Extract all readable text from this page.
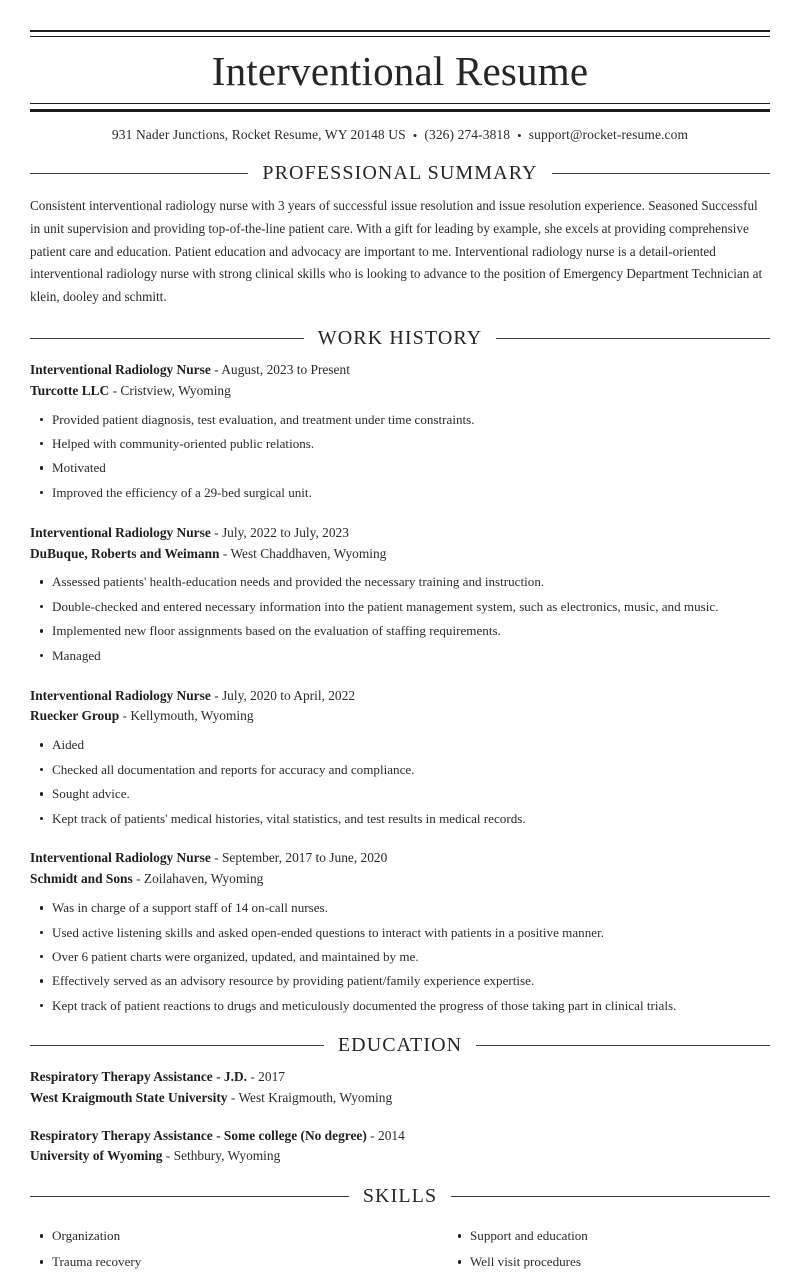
Interventional Resume
931 Nader Junctions, Rocket Resume, WY 20148 US • (326) 274-3818 • support@rocket-resume.com
PROFESSIONAL SUMMARY

Consistent interventional radiology nurse with 3 years of successful issue resolution and issue resolution experience. Seasoned Successful in unit supervision and providing top-of-the-line patient care. With a gift for leading by example, she excels at providing comprehensive patient care and education. Patient education and advocacy are important to me. Interventional radiology nurse is a detail-oriented interventional radiology nurse with strong clinical skills who is looking to advance to the position of Emergency Department Technician at klein, dooley and schmitt.

WORK HISTORY
Interventional Radiology Nurse - August, 2023 to Present
Turcotte LLC - Cristview, Wyoming
Provided patient diagnosis, test evaluation, and treatment under time constraints.
Helped with community-oriented public relations.
Motivated
Improved the efficiency of a 29-bed surgical unit.
Interventional Radiology Nurse - July, 2022 to July, 2023
DuBuque, Roberts and Weimann - West Chaddhaven, Wyoming
Assessed patients' health-education needs and provided the necessary training and instruction.
Double-checked and entered necessary information into the patient management system, such as electronics, music, and music.
Implemented new floor assignments based on the evaluation of staffing requirements.
Managed
Interventional Radiology Nurse - July, 2020 to April, 2022
Ruecker Group - Kellymouth, Wyoming
Aided
Checked all documentation and reports for accuracy and compliance.
Sought advice.
Kept track of patients' medical histories, vital statistics, and test results in medical records.
Interventional Radiology Nurse - September, 2017 to June, 2020
Schmidt and Sons - Zoilahaven, Wyoming
Was in charge of a support staff of 14 on-call nurses.
Used active listening skills and asked open-ended questions to interact with patients in a positive manner.
Over 6 patient charts were organized, updated, and maintained by me.
Effectively served as an advisory resource by providing patient/family experience expertise.
Kept track of patient reactions to drugs and meticulously documented the progress of those taking part in clinical trials.
EDUCATION
Respiratory Therapy Assistance - J.D. - 2017
West Kraigmouth State University - West Kraigmouth, Wyoming
Respiratory Therapy Assistance - Some college (No degree) - 2014
University of Wyoming - Sethbury, Wyoming
SKILLS
Organization
Trauma recovery
Support and education
Well visit procedures
